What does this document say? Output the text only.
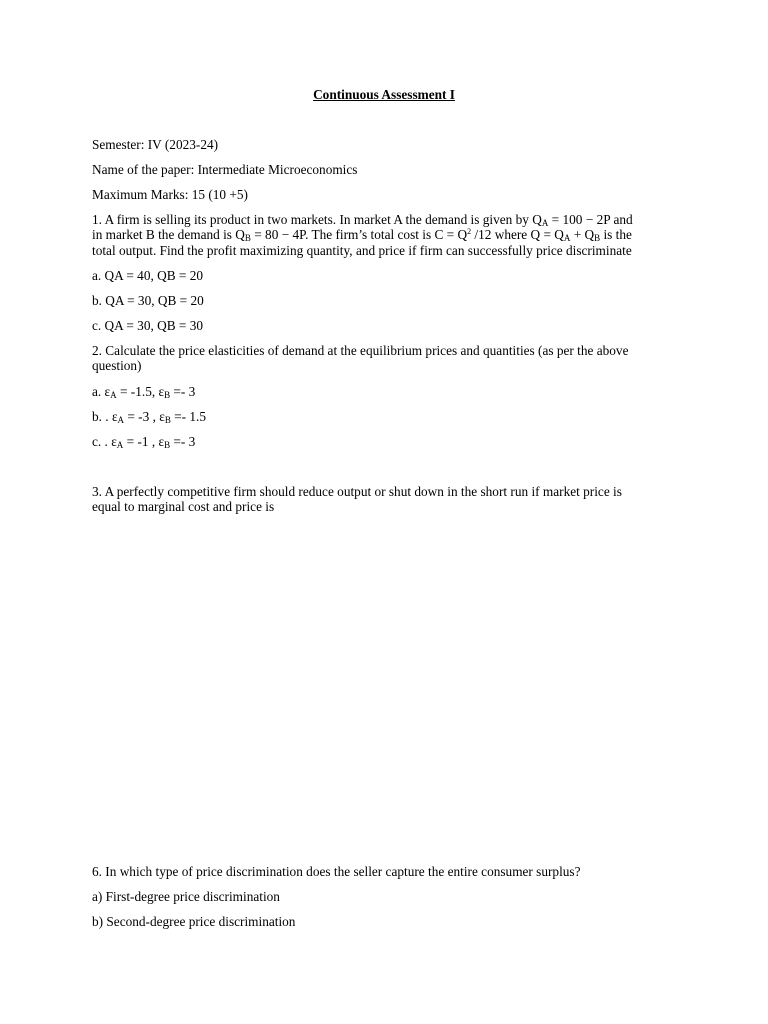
Continuous Assessment I
Semester: IV (2023-24)
Name of the paper: Intermediate Microeconomics
Maximum Marks: 15 (10 +5)
1. A firm is selling its product in two markets. In market A the demand is given by $Q_A = 100 - 2P$ and
in market B the demand is $Q_B = 80 - 4P$. The firm’s total cost is $C = Q^2$ /12 where $Q = Q_A + Q_B$ is the
total output. Find the profit maximizing quantity, and price if firm can successfully price discriminate
a. QA = 40, QB = 20
b. QA = 30, QB = 20
c. QA = 30, QB = 30
2. Calculate the price elasticities of demand at the equilibrium prices and quantities (as per the above
question)
a. $\varepsilon_A = -1.5$, $\varepsilon_B =- 3$
b. . $\varepsilon_A = -3$ , $\varepsilon_B =- 1.5$
c. . $\varepsilon_A = -1$ , $\varepsilon_B =- 3$
3. A perfectly competitive firm should reduce output or shut down in the short run if market price is
equal to marginal cost and price is
6. In which type of price discrimination does the seller capture the entire consumer surplus?
a) First-degree price discrimination
b) Second-degree price discrimination
